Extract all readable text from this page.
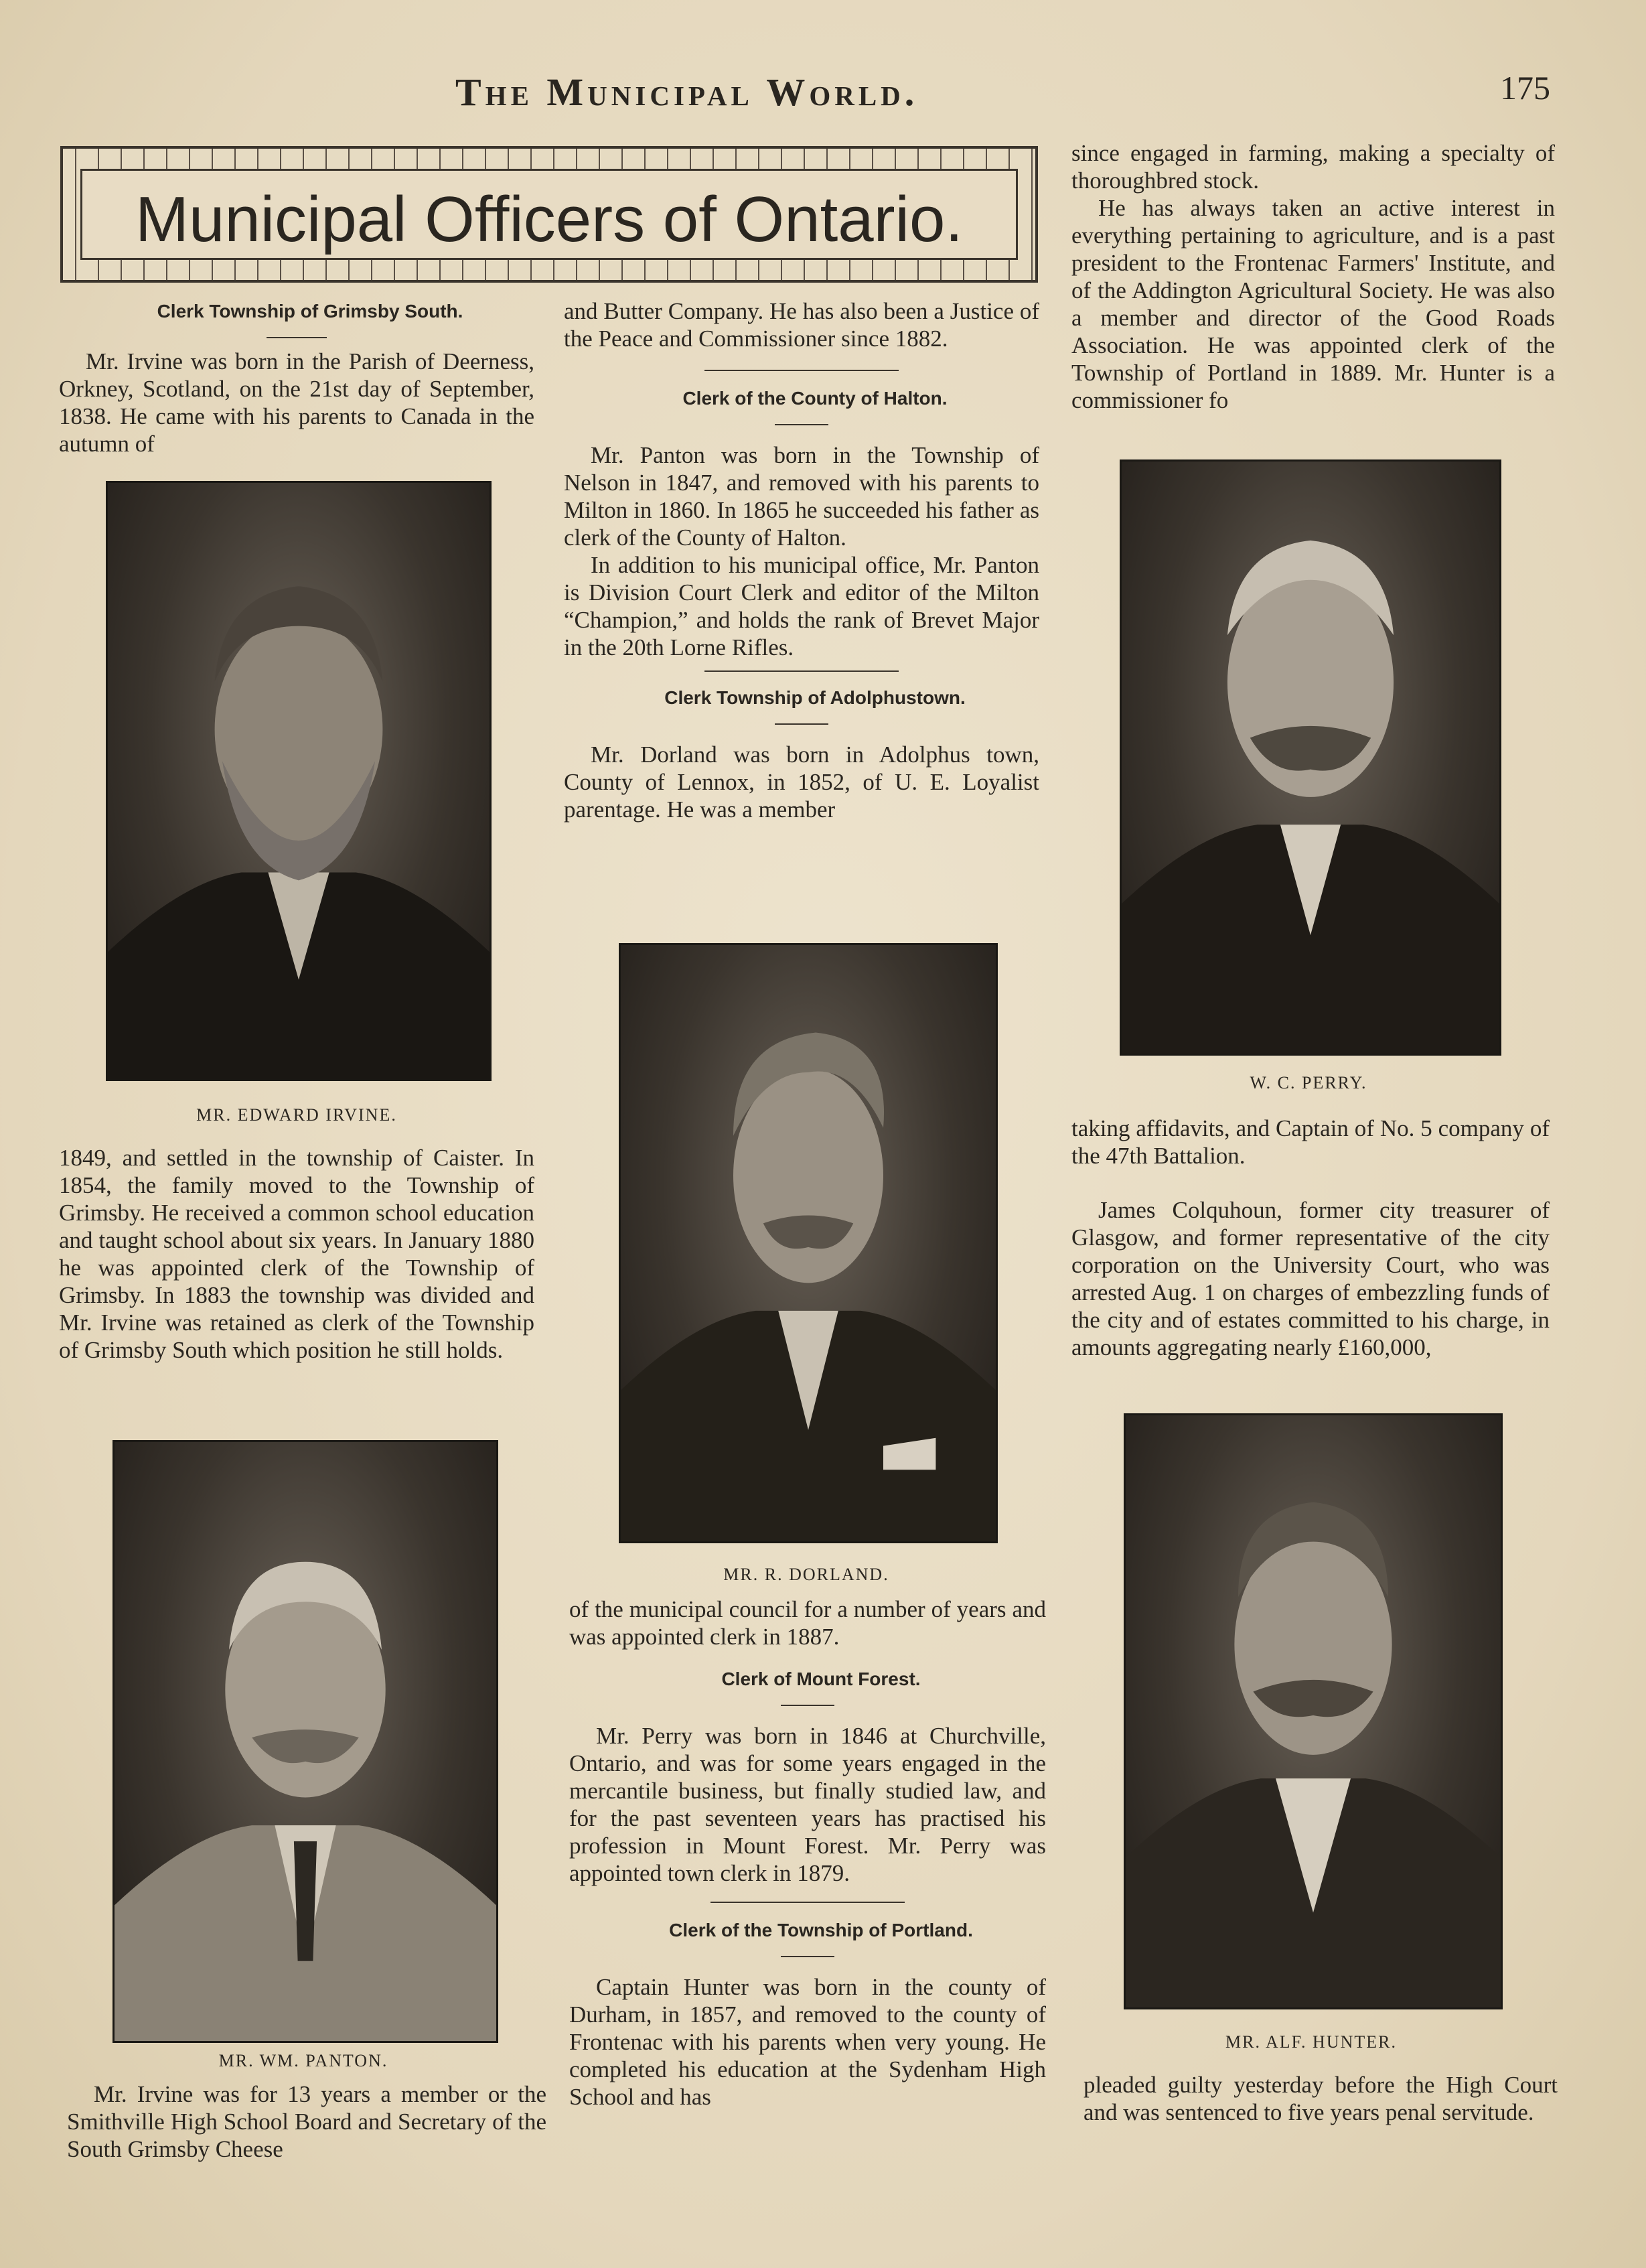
The Municipal World.	175
Municipal Officers of Ontario.

Clerk Township of Grimsby South.

Mr. Irvine was born in the Parish of Deerness, Orkney, Scotland, on the 21st day of September, 1838. He came with his parents to Canada in the autumn of

MR. EDWARD IRVINE.

1849, and settled in the township of Caister. In 1854, the family moved to the Township of Grimsby. He received a common school education and taught school about six years. In January 1880 he was appointed clerk of the Township of Grimsby. In 1883 the township was divided and Mr. Irvine was retained as clerk of the Township of Grimsby South which position he still holds.

MR. WM. PANTON.

Mr. Irvine was for 13 years a member or the Smithville High School Board and Secretary of the South Grimsby Cheese

and Butter Company. He has also been a Justice of the Peace and Commissioner since 1882.

Clerk of the County of Halton.

Mr. Panton was born in the Township of Nelson in 1847, and removed with his parents to Milton in 1860. In 1865 he succeeded his father as clerk of the County of Halton.

In addition to his municipal office, Mr. Panton is Division Court Clerk and editor of the Milton “Champion,” and holds the rank of Brevet Major in the 20th Lorne Rifles.

Clerk Township of Adolphustown.

Mr. Dorland was born in Adolphus town, County of Lennox, in 1852, of U. E. Loyalist parentage. He was a member

MR. R. DORLAND.

of the municipal council for a number of years and was appointed clerk in 1887.

Clerk of Mount Forest.

Mr. Perry was born in 1846 at Churchville, Ontario, and was for some years engaged in the mercantile business, but finally studied law, and for the past seventeen years has practised his profession in Mount Forest. Mr. Perry was appointed town clerk in 1879.

Clerk of the Township of Portland.

Captain Hunter was born in the county of Durham, in 1857, and removed to the county of Frontenac with his parents when very young. He completed his education at the Sydenham High School and has

since engaged in farming, making a specialty of thoroughbred stock.

He has always taken an active interest in everything pertaining to agriculture, and is a past president to the Frontenac Farmers' Institute, and of the Addington Agricultural Society. He was also a member and director of the Good Roads Association. He was appointed clerk of the Township of Portland in 1889. Mr. Hunter is a commissioner fo

W. C. PERRY.

taking affidavits, and Captain of No. 5 company of the 47th Battalion.

James Colquhoun, former city treasurer of Glasgow, and former representative of the city corporation on the University Court, who was arrested Aug. 1 on charges of embezzling funds of the city and of estates committed to his charge, in amounts aggregating nearly £160,000,

MR. ALF. HUNTER.

pleaded guilty yesterday before the High Court and was sentenced to five years penal servitude.
